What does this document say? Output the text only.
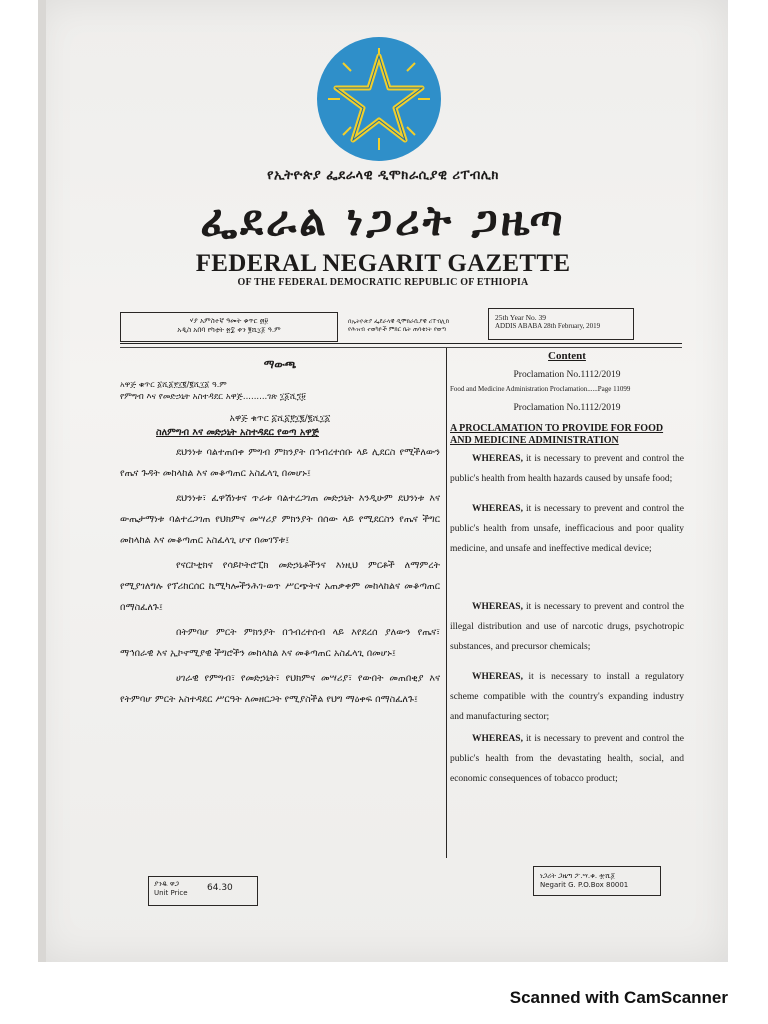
የኢትዮጵያ ፌደራላዊ ዲሞክራሲያዊ ሪፐብሊክ
ፌደራል ነጋሪት ጋዜጣ
FEDERAL NEGARIT GAZETTE
OF THE FEDERAL DEMOCRATIC REPUBLIC OF ETHIOPIA
ሃያ አምስተኛ ዓመት ቁጥር ፴፱
አዲስ አበባ የካቲት ፳፰ ቀን ፪ሺ፲፩ ዓ.ም
በኢትዮጵያ ፌደራላዊ ዲሞክራሲያዊ ሪፐብሊክ
የሕዝብ ተወካዮች ምክር ቤት ጠባቂነት የወጣ
25th Year No. 39
ADDIS ABABA 28th February, 2019
ማውጫ
አዋጅ ቁጥር ፩ሺ፩፻፲፪/፪ሺ፲፩ ዓ.ም
የምግብ እና የመድኃኒት አስተዳደር አዋጅ.........ገጽ ፲፩ሺ፺፱
አዋጅ ቁጥር ፩ሺ፩፻፲፪/፪ሺ፲፩
ስለምግብ እና መድኃኒት አስተዳደር የወጣ አዋጅ
ደህንነቱ ባልተጠበቀ ምግብ ምክንያት በኅብረተሰቡ ላይ ሊደርስ የሚችለውን የጤና ጉዳት መከላከል እና መቆጣጠር አስፈላጊ በመሆኑ፤
ደህንነቱ፣ ፈዋሽነቱና ጥራቱ ባልተረጋገጠ መድኃኒት እንዲሁም ደህንነቱ እና ውጤታማነቱ ባልተረጋገጠ የህክምና መሣሪያ ምክንያት በሰው ላይ የሚደርስን የጤና ችግር መከላከል እና መቆጣጠር አስፈላጊ ሆኖ በመገኘቱ፤
የናርኮቲክና የሳይኮትሮፒክ መድኃኒቶችንና እነዚህ ምርቶች ለማምረት የሚያገለግሉ የፕሪከርሰር ኬሚካሎችንሕገ-ወጥ ሥርጭትና አጠቃቀም መከላከልና መቆጣጠር በማስፈለጉ፤
በትምባሆ ምርት ምክንያት በኅብረተሰብ ላይ እየደረሰ ያለውን የጤና፣ ማኅበራዊ እና ኢኮኖሚያዊ ችግሮችን መከላከል እና መቆጣጠር አስፈላጊ በመሆኑ፤
ሀገራዊ የምግብ፣ የመድኃኒት፣ የህክምና መሣሪያ፣ የውበት መጠበቂያ እና የትምባሆ ምርት አስተዳደር ሥርዓት ለመዘርጋት የሚያስችል የህግ ማዕቀፍ በማስፈለጉ፤
Content
Proclamation No.1112/2019
Food and Medicine Administration Proclamation......Page 11099
Proclamation No.1112/2019
A PROCLAMATION TO PROVIDE FOR FOOD AND MEDICINE ADMINISTRATION
WHEREAS, it is necessary to prevent and control the public's health from health hazards caused by unsafe food;
WHEREAS, it is necessary to prevent and control the public's health from unsafe, inefficacious and poor quality medicine, and unsafe and ineffective medical device;
WHEREAS, it is necessary to prevent and control the illegal distribution and use of narcotic drugs, psychotropic substances, and precursor chemicals;
WHEREAS, it is necessary to install a regulatory scheme compatible with the country's expanding industry and manufacturing sector;
WHEREAS, it is necessary to prevent and control the public's health from the devastating health, social, and economic consequences of tobacco product;
ያንዱ ዋጋ
Unit Price	64.30
ነጋሪት ጋዜጣ ፖ.ሣ.ቁ. ፹ሺ፩
Negarit G. P.O.Box 80001
Scanned with CamScanner
